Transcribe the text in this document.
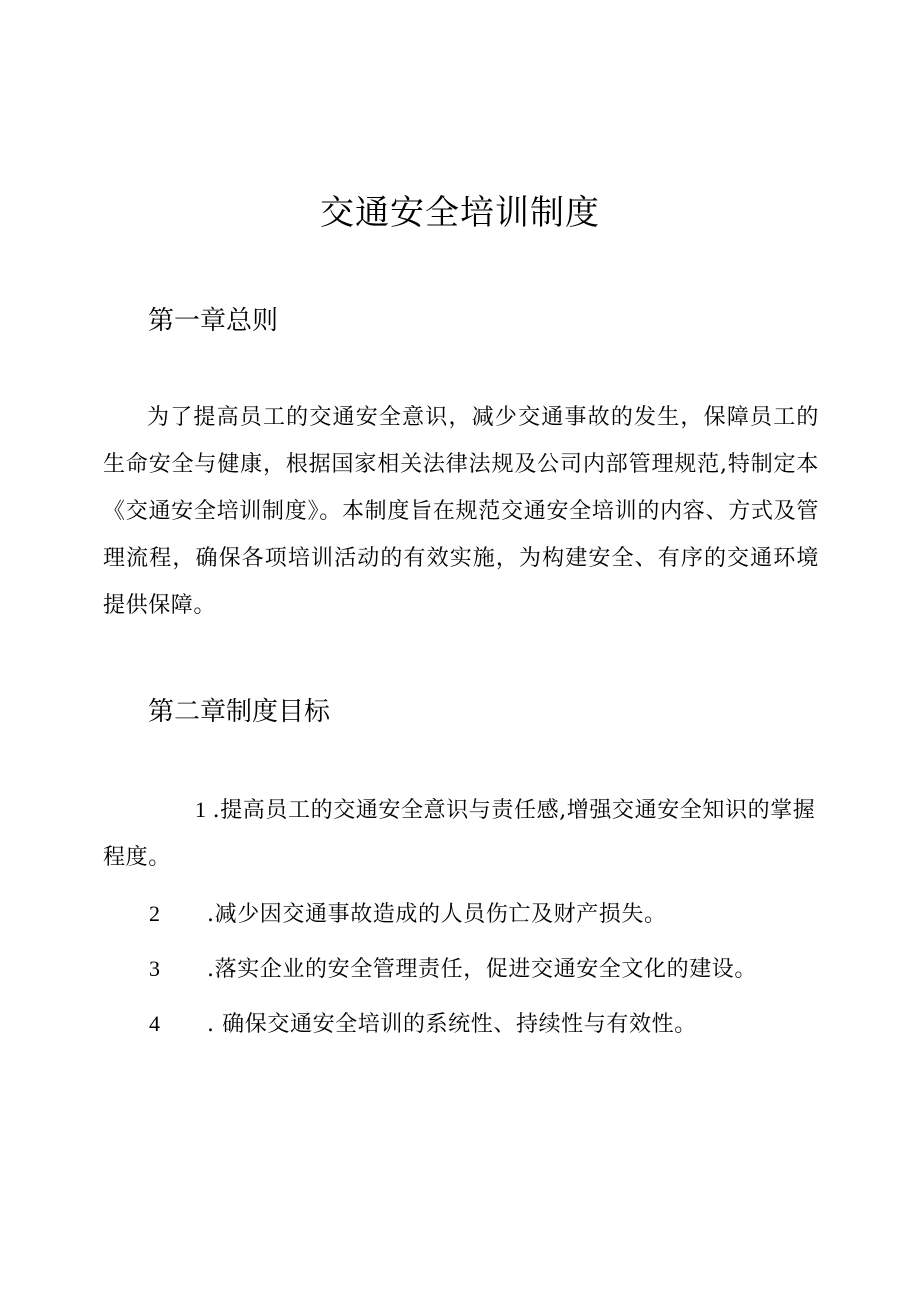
交通安全培训制度
第一章总则

为了提高员工的交通安全意识，减少交通事故的发生，保障员工的生命安全与健康，根据国家相关法律法规及公司内部管理规范,特制定本《交通安全培训制度》。本制度旨在规范交通安全培训的内容、方式及管理流程，确保各项培训活动的有效实施，为构建安全、有序的交通环境提供保障。

第二章制度目标

1 .提高员工的交通安全意识与责任感,增强交通安全知识的掌握程度。

2 .减少因交通事故造成的人员伤亡及财产损失。

3 .落实企业的安全管理责任，促进交通安全文化的建设。

4 . 确保交通安全培训的系统性、持续性与有效性。
